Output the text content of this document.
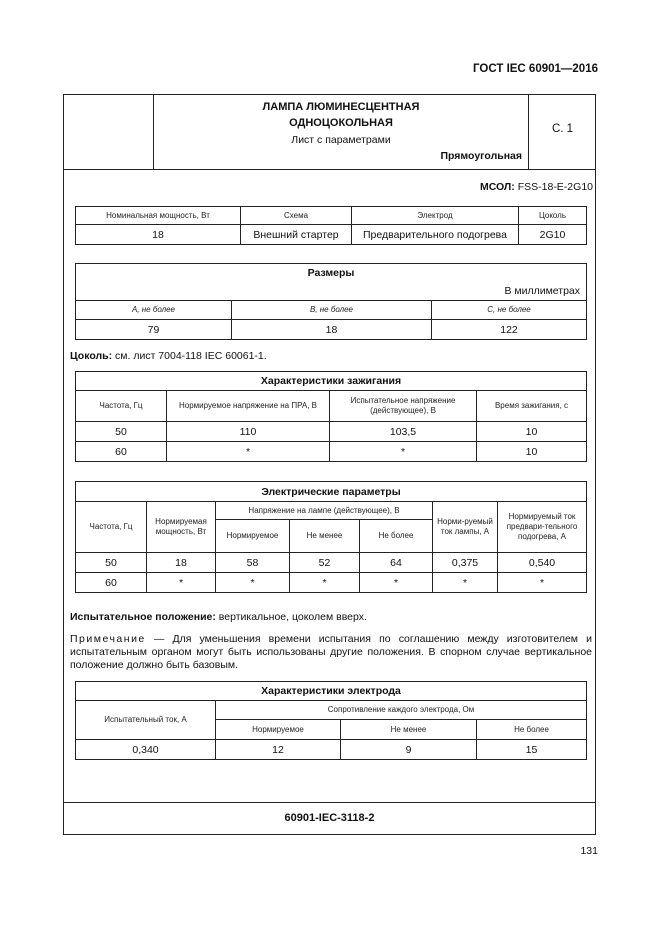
ГОСТ IEC 60901—2016
ЛАМПА ЛЮМИНЕСЦЕНТНАЯ
ОДНОЦОКОЛЬНАЯ
Лист с параметрами
Прямоугольная
С. 1
60901-IEC-3118-2
МСОЛ: FSS-18-E-2G10
Номинальная мощность, Вт	Схема	Электрод	Цоколь
18	Внешний стартер	Предварительного подогрева	2G10
Размеры		
В миллиметрах		
A, не более	B, не более	C, не более
79	18	122
Цоколь: см. лист 7004-118 IEC 60061-1.
Характеристики зажигания			
Частота, Гц	Нормируемое напряжение на ПРА, В	Испытательное напряжение (действующее), В	Время зажигания, с
50	110	103,5	10
60	*	*	10
Электрические параметры						
Частота, Гц	Нормируемая мощность, Вт	Напряжение на лампе (действующее), В			Норми-руемый ток лампы, А	Нормируемый ток предвари-тельного подогрева, А
		Нормируемое	Не менее	Не более		
50	18	58	52	64	0,375	0,540
60	*	*	*	*	*	*
Испытательное положение: вертикальное, цоколем вверх.
Примечание — Для уменьшения времени испытания по соглашению между изготовителем и испытательным органом могут быть использованы другие положения. В спорном случае вертикальное положение должно быть базовым.
Характеристики электрода			
Испытательный ток, А	Сопротивление каждого электрода, Ом		
	Нормируемое	Не менее	Не более
0,340	12	9	15
131
